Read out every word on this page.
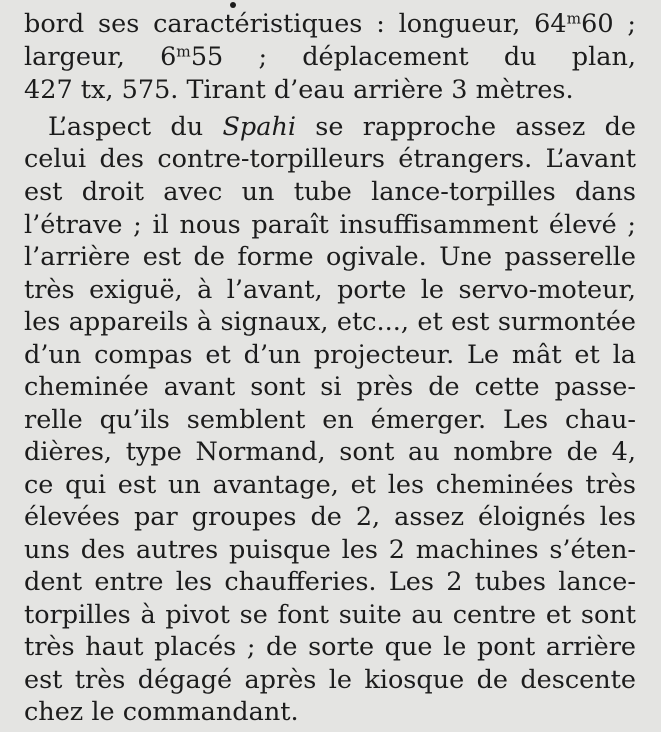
bord ses caractéristiques : longueur, 64$^m$60 ;
largeur, 6$^m$55 ; déplacement du plan,
427 tx, 575. Tirant d’eau arrière 3 mètres.
L’aspect du Spahi se rapproche assez de
celui des contre-torpilleurs étrangers. L’avant
est droit avec un tube lance-torpilles dans
l’étrave ; il nous paraît insuffisamment élevé ;
l’arrière est de forme ogivale. Une passerelle
très exiguë, à l’avant, porte le servo-moteur,
les appareils à signaux, etc..., et est surmontée
d’un compas et d’un projecteur. Le mât et la
cheminée avant sont si près de cette passe-
relle qu’ils semblent en émerger. Les chau-
dières, type Normand, sont au nombre de 4,
ce qui est un avantage, et les cheminées très
élevées par groupes de 2, assez éloignés les
uns des autres puisque les 2 machines s’éten-
dent entre les chaufferies. Les 2 tubes lance-
torpilles à pivot se font suite au centre et sont
très haut placés ; de sorte que le pont arrière
est très dégagé après le kiosque de descente
chez le commandant.
